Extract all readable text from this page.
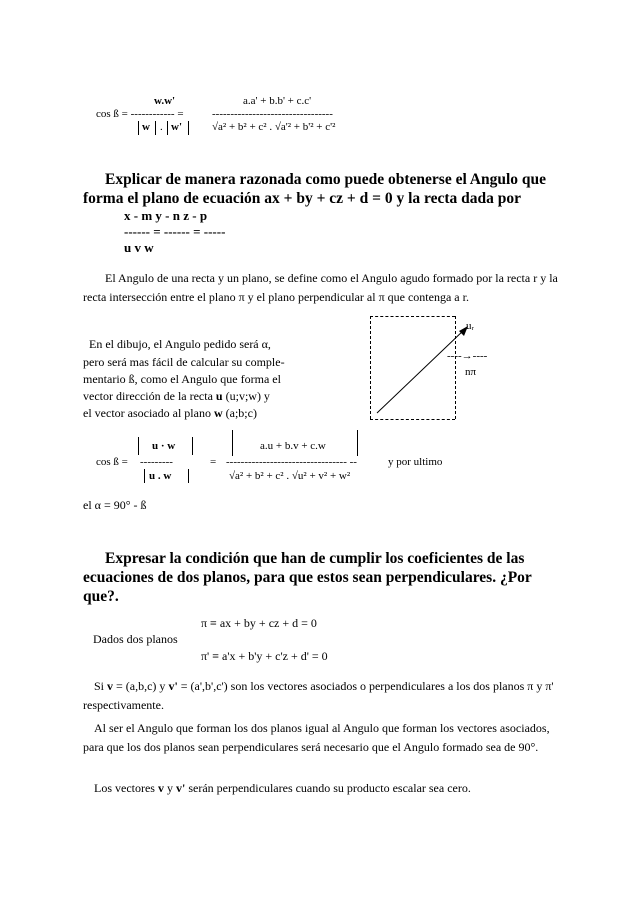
w.w'	a.a' + b.b' + c.c'
cos ß = ------------ =	---------------------------------
w . w'	√a² + b² + c² . √a'² + b'² + c'²
Explicar de manera razonada como puede obtenerse el Angulo que forma el plano de ecuación ax + by + cz + d = 0 y la recta dada por
x - m y - n z - p
------ = ------ = -----
u v w
El Angulo de una recta y un plano, se define como el Angulo agudo formado por la recta r y la recta intersección entre el plano π y el plano perpendicular al π que contenga a r.
En el dibujo, el Angulo pedido será α,
pero será mas fácil de calcular su comple-
mentario ß, como el Angulo que forma el
vector dirección de la recta u (u;v;w) y
el vector asociado al plano w (a;b;c)
uᵣ
----→----
nπ
u · w	a.u + b.v + c.w
cos ß = ---------	= --------------------------------- --	y por ultimo
u . w	√a² + b² + c² . √u² + v² + w²
el α = 90° - ß
Expresar la condición que han de cumplir los coeficientes de las ecuaciones de dos planos, para que estos sean perpendiculares. ¿Por que?.
π ≡ ax + by + cz + d = 0
Dados dos planos
π' ≡ a'x + b'y + c'z + d' = 0
Si v = (a,b,c) y v' = (a',b',c') son los vectores asociados o perpendiculares a los dos planos π y π' respectivamente.
Al ser el Angulo que forman los dos planos igual al Angulo que forman los vectores asociados, para que los dos planos sean perpendiculares será necesario que el Angulo formado sea de 90°.
Los vectores v y v' serán perpendiculares cuando su producto escalar sea cero.
